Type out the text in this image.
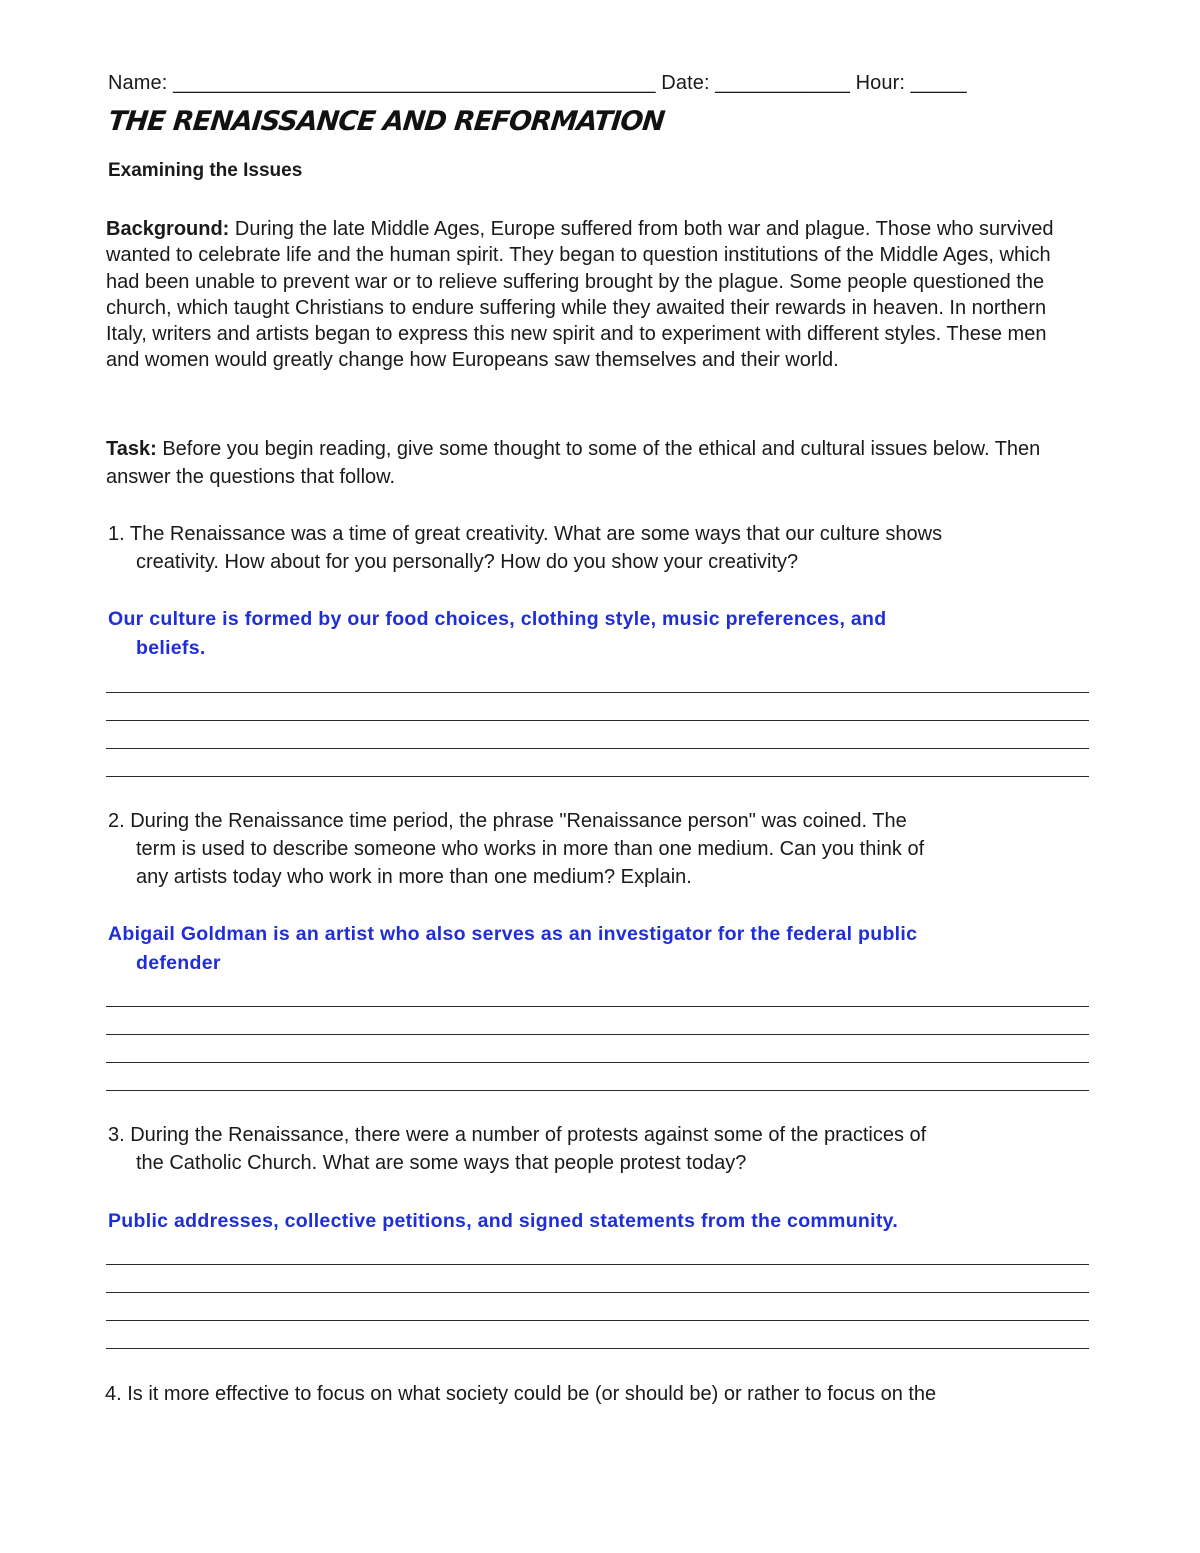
Name: ___________________________________________ Date: ____________ Hour: _____
THE RENAISSANCE AND REFORMATION
Examining the Issues
Background: During the late Middle Ages, Europe suffered from both war and plague. Those who survived wanted to celebrate life and the human spirit. They began to question institutions of the Middle Ages, which had been unable to prevent war or to relieve suffering brought by the plague. Some people questioned the church, which taught Christians to endure suffering while they awaited their rewards in heaven. In northern Italy, writers and artists began to express this new spirit and to experiment with different styles. These men and women would greatly change how Europeans saw themselves and their world.
Task: Before you begin reading, give some thought to some of the ethical and cultural issues below. Then answer the questions that follow.
1. The Renaissance was a time of great creativity. What are some ways that our culture shows
creativity. How about for you personally? How do you show your creativity?
Our culture is formed by our food choices, clothing style, music preferences, and
beliefs.
2. During the Renaissance time period, the phrase "Renaissance person" was coined. The
term is used to describe someone who works in more than one medium. Can you think of
any artists today who work in more than one medium? Explain.
Abigail Goldman is an artist who also serves as an investigator for the federal public
defender
3. During the Renaissance, there were a number of protests against some of the practices of
the Catholic Church. What are some ways that people protest today?
Public addresses, collective petitions, and signed statements from the community.
4. Is it more effective to focus on what society could be (or should be) or rather to focus on the
